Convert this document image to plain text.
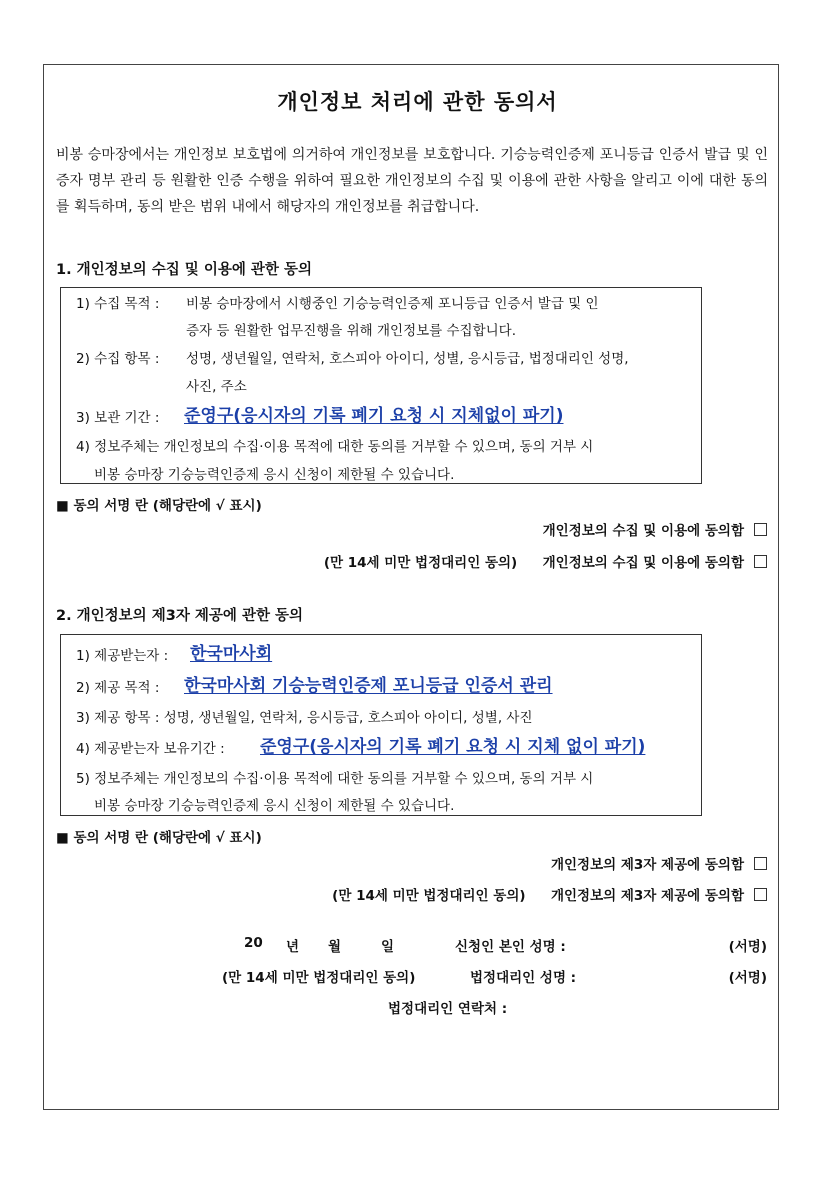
개인정보 처리에 관한 동의서
비봉 승마장에서는 개인정보 보호법에 의거하여 개인정보를 보호합니다. 기승능력인증제 포니등급 인증서 발급 및 인증자 명부 관리 등 원활한 인증 수행을 위하여 필요한 개인정보의 수집 및 이용에 관한 사항을 알리고 이에 대한 동의를 획득하며, 동의 받은 범위 내에서 해당자의 개인정보를 취급합니다.
1. 개인정보의 수집 및 이용에 관한 동의
1) 수집 목적 : 비봉 승마장에서 시행중인 기승능력인증제 포니등급 인증서 발급 및 인
증자 등 원활한 업무진행을 위해 개인정보를 수집합니다.
2) 수집 항목 : 성명, 생년월일, 연락처, 호스피아 아이디, 성별, 응시등급, 법정대리인 성명,
사진, 주소
3) 보관 기간 : 준영구(응시자의 기록 폐기 요청 시 지체없이 파기)
4) 정보주체는 개인정보의 수집·이용 목적에 대한 동의를 거부할 수 있으며, 동의 거부 시
비봉 승마장 기승능력인증제 응시 신청이 제한될 수 있습니다.
■ 동의 서명 란 (해당란에 √ 표시)
개인정보의 수집 및 이용에 동의함
(만 14세 미만 법정대리인 동의) 개인정보의 수집 및 이용에 동의함
2. 개인정보의 제3자 제공에 관한 동의
1) 제공받는자 : 한국마사회
2) 제공 목적 : 한국마사회 기승능력인증제 포니등급 인증서 관리
3) 제공 항목 : 성명, 생년월일, 연락처, 응시등급, 호스피아 아이디, 성별, 사진
4) 제공받는자 보유기간 : 준영구(응시자의 기록 폐기 요청 시 지체 없이 파기)
5) 정보주체는 개인정보의 수집·이용 목적에 대한 동의를 거부할 수 있으며, 동의 거부 시
비봉 승마장 기승능력인증제 응시 신청이 제한될 수 있습니다.
■ 동의 서명 란 (해당란에 √ 표시)
개인정보의 제3자 제공에 동의함
(만 14세 미만 법정대리인 동의) 개인정보의 제3자 제공에 동의함
20 년 월	일	신청인 본인 성명 :	(서명)
(만 14세 미만 법정대리인 동의)	법정대리인 성명 :	(서명)
법정대리인 연락처 :
